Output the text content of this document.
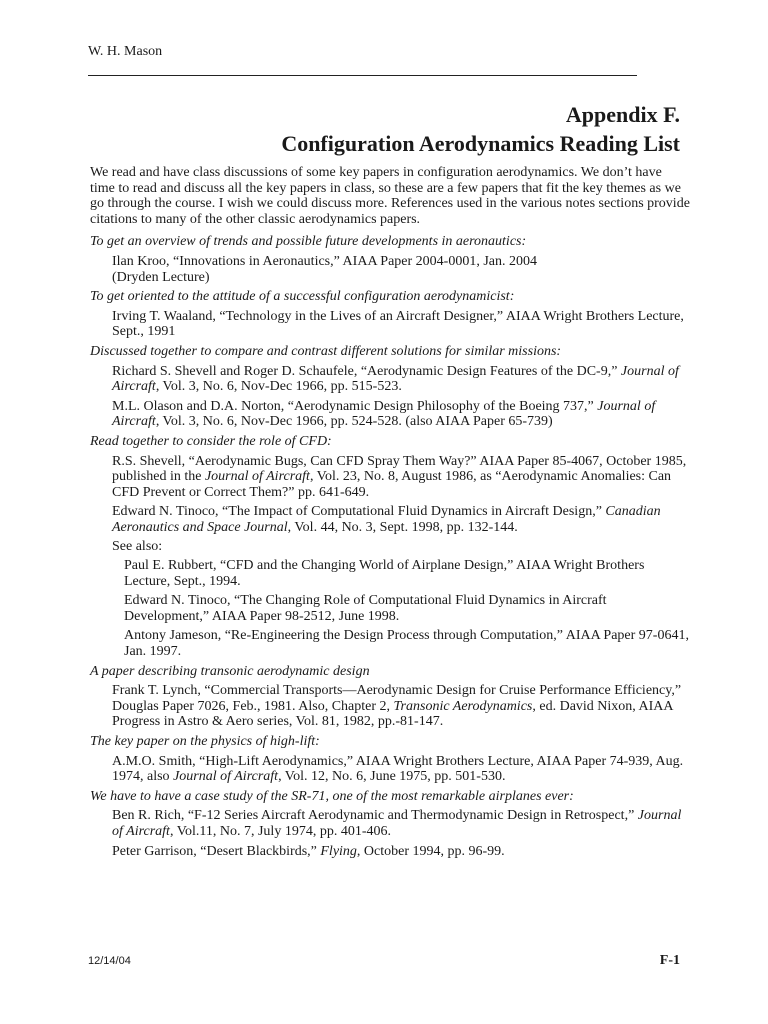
W. H. Mason
Appendix F.
Configuration Aerodynamics Reading List

We read and have class discussions of some key papers in configuration aerodynamics. We don’t have time to read and discuss all the key papers in class, so these are a few papers that fit the key themes as we go through the course. I wish we could discuss more. References used in the various notes sections provide citations to many of the other classic aerodynamics papers.

To get an overview of trends and possible future developments in aeronautics:
Ilan Kroo, “Innovations in Aeronautics,” AIAA Paper 2004-0001, Jan. 2004
(Dryden Lecture)
To get oriented to the attitude of a successful configuration aerodynamicist:
Irving T. Waaland, “Technology in the Lives of an Aircraft Designer,” AIAA Wright Brothers Lecture, Sept., 1991
Discussed together to compare and contrast different solutions for similar missions:
Richard S. Shevell and Roger D. Schaufele, “Aerodynamic Design Features of the DC-9,” Journal of Aircraft, Vol. 3, No. 6, Nov-Dec 1966, pp. 515-523.
M.L. Olason and D.A. Norton, “Aerodynamic Design Philosophy of the Boeing 737,” Journal of Aircraft, Vol. 3, No. 6, Nov-Dec 1966, pp. 524-528. (also AIAA Paper 65-739)
Read together to consider the role of CFD:
R.S. Shevell, “Aerodynamic Bugs, Can CFD Spray Them Way?” AIAA Paper 85-4067, October 1985, published in the Journal of Aircraft, Vol. 23, No. 8, August 1986, as “Aerodynamic Anomalies: Can CFD Prevent or Correct Them?” pp. 641-649.
Edward N. Tinoco, “The Impact of Computational Fluid Dynamics in Aircraft Design,” Canadian Aeronautics and Space Journal, Vol. 44, No. 3, Sept. 1998, pp. 132-144.
See also:
Paul E. Rubbert, “CFD and the Changing World of Airplane Design,” AIAA Wright Brothers Lecture, Sept., 1994.
Edward N. Tinoco, “The Changing Role of Computational Fluid Dynamics in Aircraft Development,” AIAA Paper 98-2512, June 1998.
Antony Jameson, “Re-Engineering the Design Process through Computation,” AIAA Paper 97-0641, Jan. 1997.
A paper describing transonic aerodynamic design
Frank T. Lynch, “Commercial Transports—Aerodynamic Design for Cruise Performance Efficiency,” Douglas Paper 7026, Feb., 1981. Also, Chapter 2, Transonic Aerodynamics, ed. David Nixon, AIAA Progress in Astro & Aero series, Vol. 81, 1982, pp.-81-147.
The key paper on the physics of high-lift:
A.M.O. Smith, “High-Lift Aerodynamics,” AIAA Wright Brothers Lecture, AIAA Paper 74-939, Aug. 1974, also Journal of Aircraft, Vol. 12, No. 6, June 1975, pp. 501-530.
We have to have a case study of the SR-71, one of the most remarkable airplanes ever:
Ben R. Rich, “F-12 Series Aircraft Aerodynamic and Thermodynamic Design in Retrospect,” Journal of Aircraft, Vol.11, No. 7, July 1974, pp. 401-406.
Peter Garrison, “Desert Blackbirds,” Flying, October 1994, pp. 96-99.
12/14/04	F-1
